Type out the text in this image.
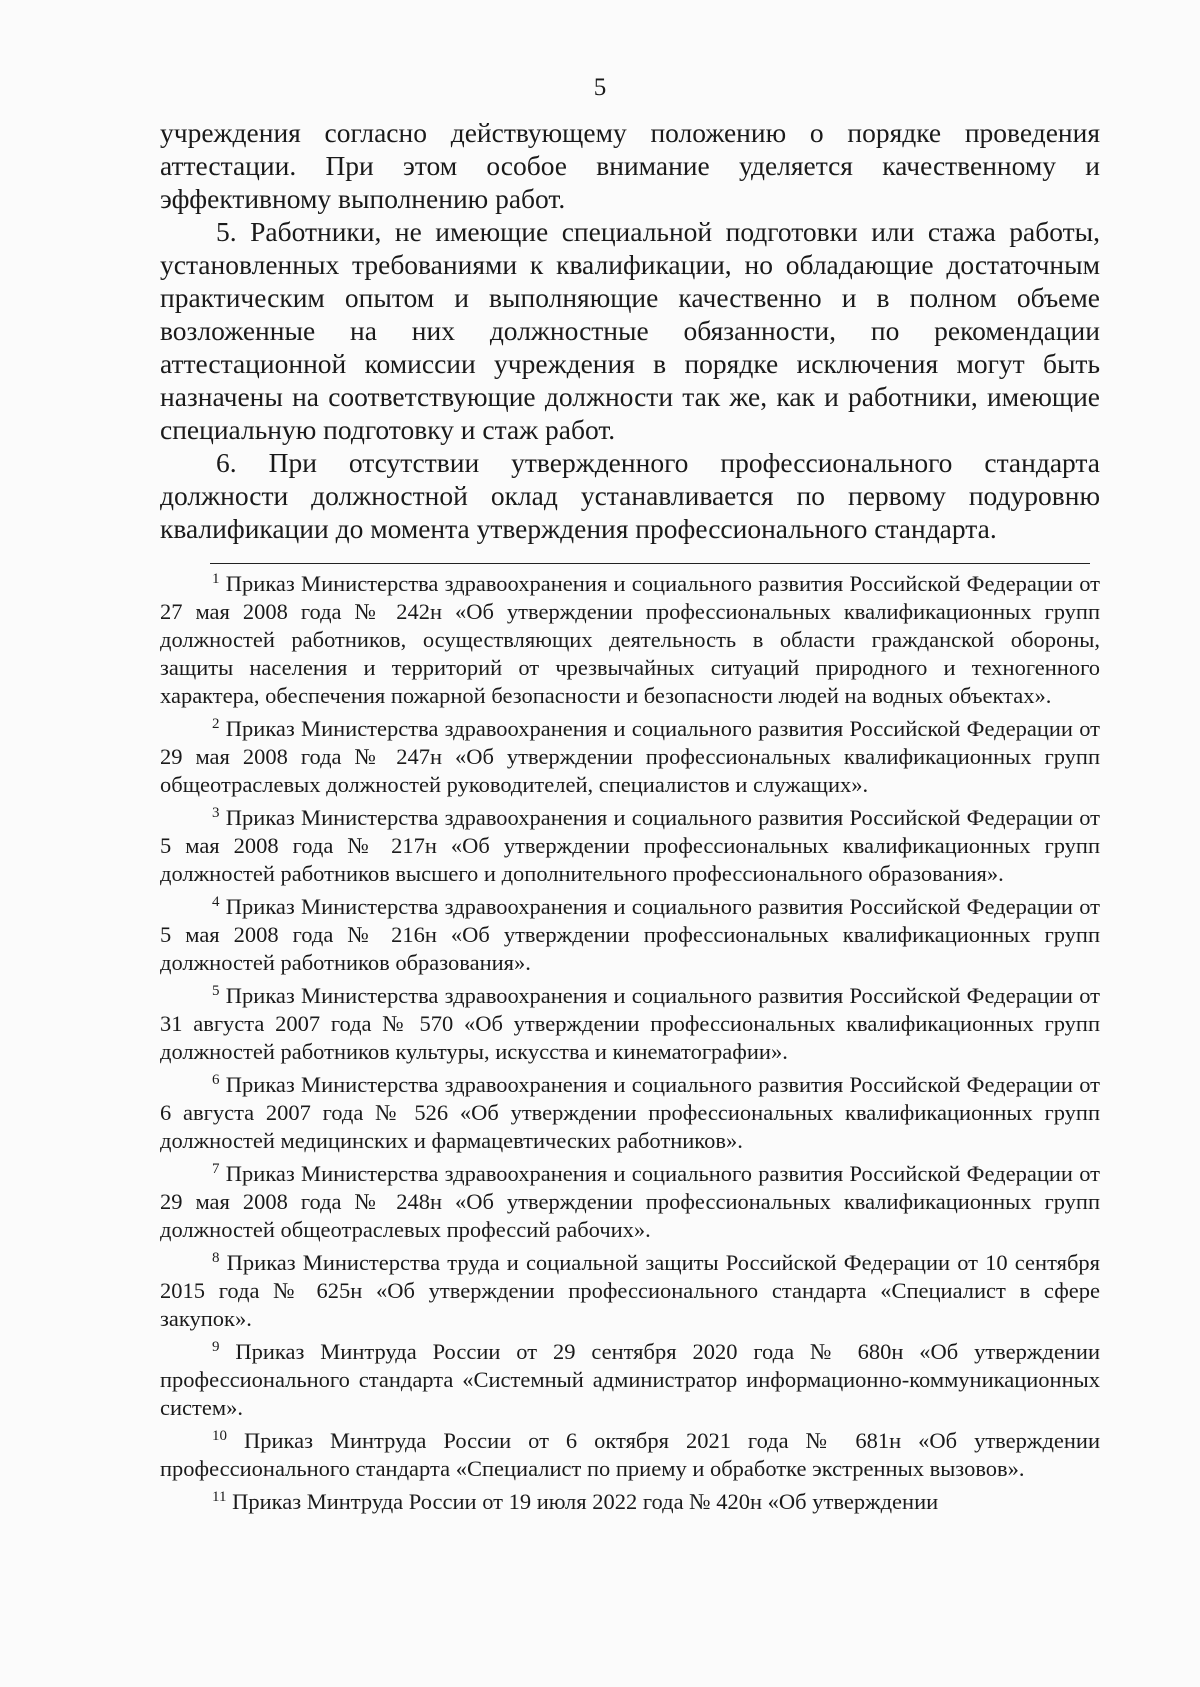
5

учреждения согласно действующему положению о порядке проведения аттестации. При этом особое внимание уделяется качественному и эффективному выполнению работ.

5. Работники, не имеющие специальной подготовки или стажа работы, установленных требованиями к квалификации, но обладающие достаточным практическим опытом и выполняющие качественно и в полном объеме возложенные на них должностные обязанности, по рекомендации аттестационной комиссии учреждения в порядке исключения могут быть назначены на соответствующие должности так же, как и работники, имеющие специальную подготовку и стаж работ.

6. При отсутствии утвержденного профессионального стандарта должности должностной оклад устанавливается по первому подуровню квалификации до момента утверждения профессионального стандарта.

$^1$ Приказ Министерства здравоохранения и социального развития Российской Федерации от 27 мая 2008 года № 242н «Об утверждении профессиональных квалификационных групп должностей работников, осуществляющих деятельность в области гражданской обороны, защиты населения и территорий от чрезвычайных ситуаций природного и техногенного характера, обеспечения пожарной безопасности и безопасности людей на водных объектах».

$^2$ Приказ Министерства здравоохранения и социального развития Российской Федерации от 29 мая 2008 года № 247н «Об утверждении профессиональных квалификационных групп общеотраслевых должностей руководителей, специалистов и служащих».

$^3$ Приказ Министерства здравоохранения и социального развития Российской Федерации от 5 мая 2008 года № 217н «Об утверждении профессиональных квалификационных групп должностей работников высшего и дополнительного профессионального образования».

$^4$ Приказ Министерства здравоохранения и социального развития Российской Федерации от 5 мая 2008 года № 216н «Об утверждении профессиональных квалификационных групп должностей работников образования».

$^5$ Приказ Министерства здравоохранения и социального развития Российской Федерации от 31 августа 2007 года № 570 «Об утверждении профессиональных квалификационных групп должностей работников культуры, искусства и кинематографии».

$^6$ Приказ Министерства здравоохранения и социального развития Российской Федерации от 6 августа 2007 года № 526 «Об утверждении профессиональных квалификационных групп должностей медицинских и фармацевтических работников».

$^7$ Приказ Министерства здравоохранения и социального развития Российской Федерации от 29 мая 2008 года № 248н «Об утверждении профессиональных квалификационных групп должностей общеотраслевых профессий рабочих».

$^8$ Приказ Министерства труда и социальной защиты Российской Федерации от 10 сентября 2015 года № 625н «Об утверждении профессионального стандарта «Специалист в сфере закупок».

$^9$ Приказ Минтруда России от 29 сентября 2020 года № 680н «Об утверждении профессионального стандарта «Системный администратор информационно-коммуникационных систем».

$^{10}$ Приказ Минтруда России от 6 октября 2021 года № 681н «Об утверждении профессионального стандарта «Специалист по приему и обработке экстренных вызовов».

$^{11}$ Приказ Минтруда России от 19 июля 2022 года № 420н «Об утверждении
